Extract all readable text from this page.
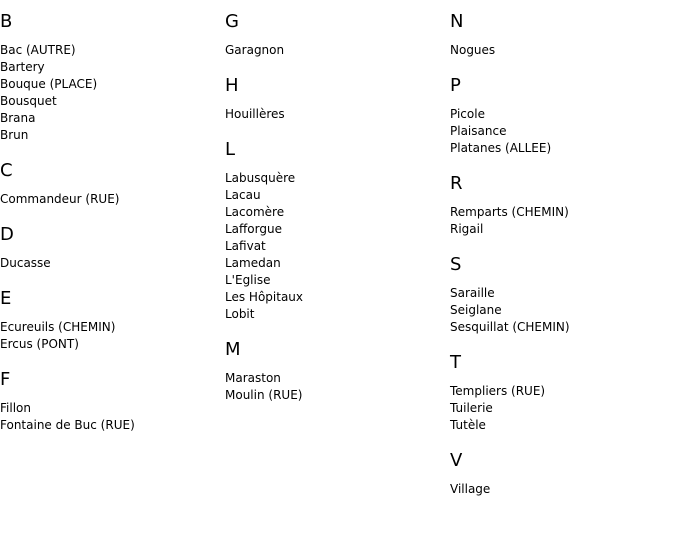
B
Bac (AUTRE)
Bartery
Bouque (PLACE)
Bousquet
Brana
Brun
C
Commandeur (RUE)
D
Ducasse
E
Ecureuils (CHEMIN)
Ercus (PONT)
F
Fillon
Fontaine de Buc (RUE)
G
Garagnon
H
Houillères
L
Labusquère
Lacau
Lacomère
Lafforgue
Lafivat
Lamedan
L'Eglise
Les Hôpitaux
Lobit
M
Maraston
Moulin (RUE)
N
Nogues
P
Picole
Plaisance
Platanes (ALLEE)
R
Remparts (CHEMIN)
Rigail
S
Saraille
Seiglane
Sesquillat (CHEMIN)
T
Templiers (RUE)
Tuilerie
Tutèle
V
Village
